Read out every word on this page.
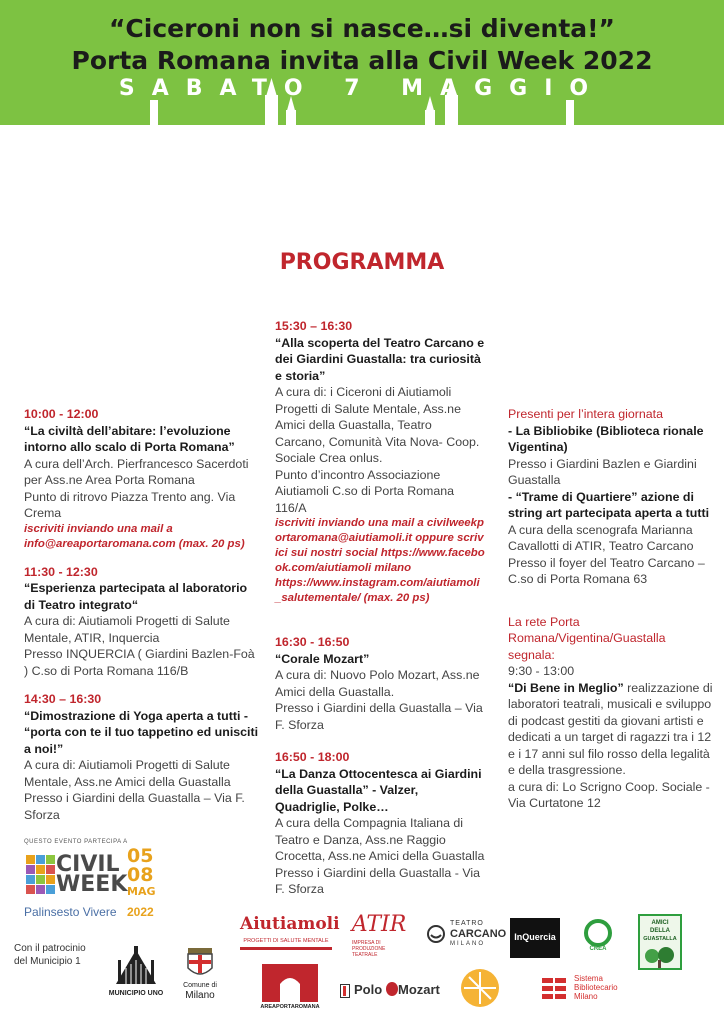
“Ciceroni non si nasce…si diventa!”
Porta Romana invita alla Civil Week 2022
SABATO 7 MAGGIO
PROGRAMMA
10:00 - 12:00
“La civiltà dell’abitare: l’evoluzione intorno allo scalo di Porta Romana”
A cura dell’Arch. Pierfrancesco Sacerdoti per Ass.ne Area Porta Romana
Punto di ritrovo Piazza Trento ang. Via Crema
iscriviti inviando una mail a info@areaportaromana.com (max. 20 ps)
11:30 - 12:30
“Esperienza partecipata al laboratorio di Teatro integrato“
A cura di: Aiutiamoli Progetti di Salute Mentale, ATIR, Inquercia
Presso INQUERCIA ( Giardini Bazlen-Foà ) C.so di Porta Romana 116/B
14:30 – 16:30
“Dimostrazione di Yoga aperta a tutti - “porta con te il tuo tappetino ed unisciti a noi!”
A cura di: Aiutiamoli Progetti di Salute Mentale, Ass.ne Amici della Guastalla
Presso i Giardini della Guastalla – Via F. Sforza
15:30 – 16:30
“Alla scoperta del Teatro Carcano e dei Giardini Guastalla: tra curiosità e storia”
A cura di: i Ciceroni di Aiutiamoli Progetti di Salute Mentale, Ass.ne Amici della Guastalla, Teatro Carcano, Comunità Vita Nova- Coop. Sociale Crea onlus.
Punto d’incontro Associazione Aiutiamoli C.so di Porta Romana 116/A
iscriviti inviando una mail a civilweekportaromana@aiutiamoli.it oppure scrivici sui nostri social https://www.facebook.com/aiutiamoli milano
https://www.instagram.com/aiutiamoli_salutementale/ (max. 20 ps)
16:30 - 16:50
“Corale Mozart”
A cura di: Nuovo Polo Mozart, Ass.ne Amici della Guastalla.
Presso i Giardini della Guastalla – Via F. Sforza
16:50 - 18:00
“La Danza Ottocentesca ai Giardini della Guastalla” - Valzer, Quadriglie, Polke…
A cura della Compagnia Italiana di Teatro e Danza, Ass.ne Raggio Crocetta, Ass.ne Amici della Guastalla
Presso i Giardini della Guastalla - Via F. Sforza
Presenti per l’intera giornata
- La Bibliobike (Biblioteca rionale Vigentina)
Presso i Giardini Bazlen e Giardini Guastalla
- “Trame di Quartiere” azione di string art partecipata aperta a tutti
A cura della scenografa Marianna Cavallotti di ATIR, Teatro Carcano
Presso il foyer del Teatro Carcano – C.so di Porta Romana 63
La rete Porta Romana/Vigentina/Guastalla segnala:
9:30 - 13:00
“Di Bene in Meglio” realizzazione di laboratori teatrali, musicali e sviluppo di podcast gestiti da giovani artisti e dedicati a un target di ragazzi tra i 12 e i 17 anni sul filo rosso della legalità e della trasgressione.
a cura di: Lo Scrigno Coop. Sociale - Via Curtatone 12
QUESTO EVENTO PARTECIPA A
CIVIL
WEEK
05
08
MAG
Palinsesto Vivere 2022
Con il patrocinio
del Municipio 1
MUNICIPIO UNO
Comune di
Milano
Aiutiamoli
PROGETTI DI SALUTE MENTALE
ATIR
IMPRESA DI PRODUZIONE TEATRALE
TEATRO
CARCANO
MILANO
InQuercia
CREA
AMICI
DELLA
GUASTALLA
AREAPORTAROMANA
Polo Mozart
Sistema
Bibliotecario
Milano
